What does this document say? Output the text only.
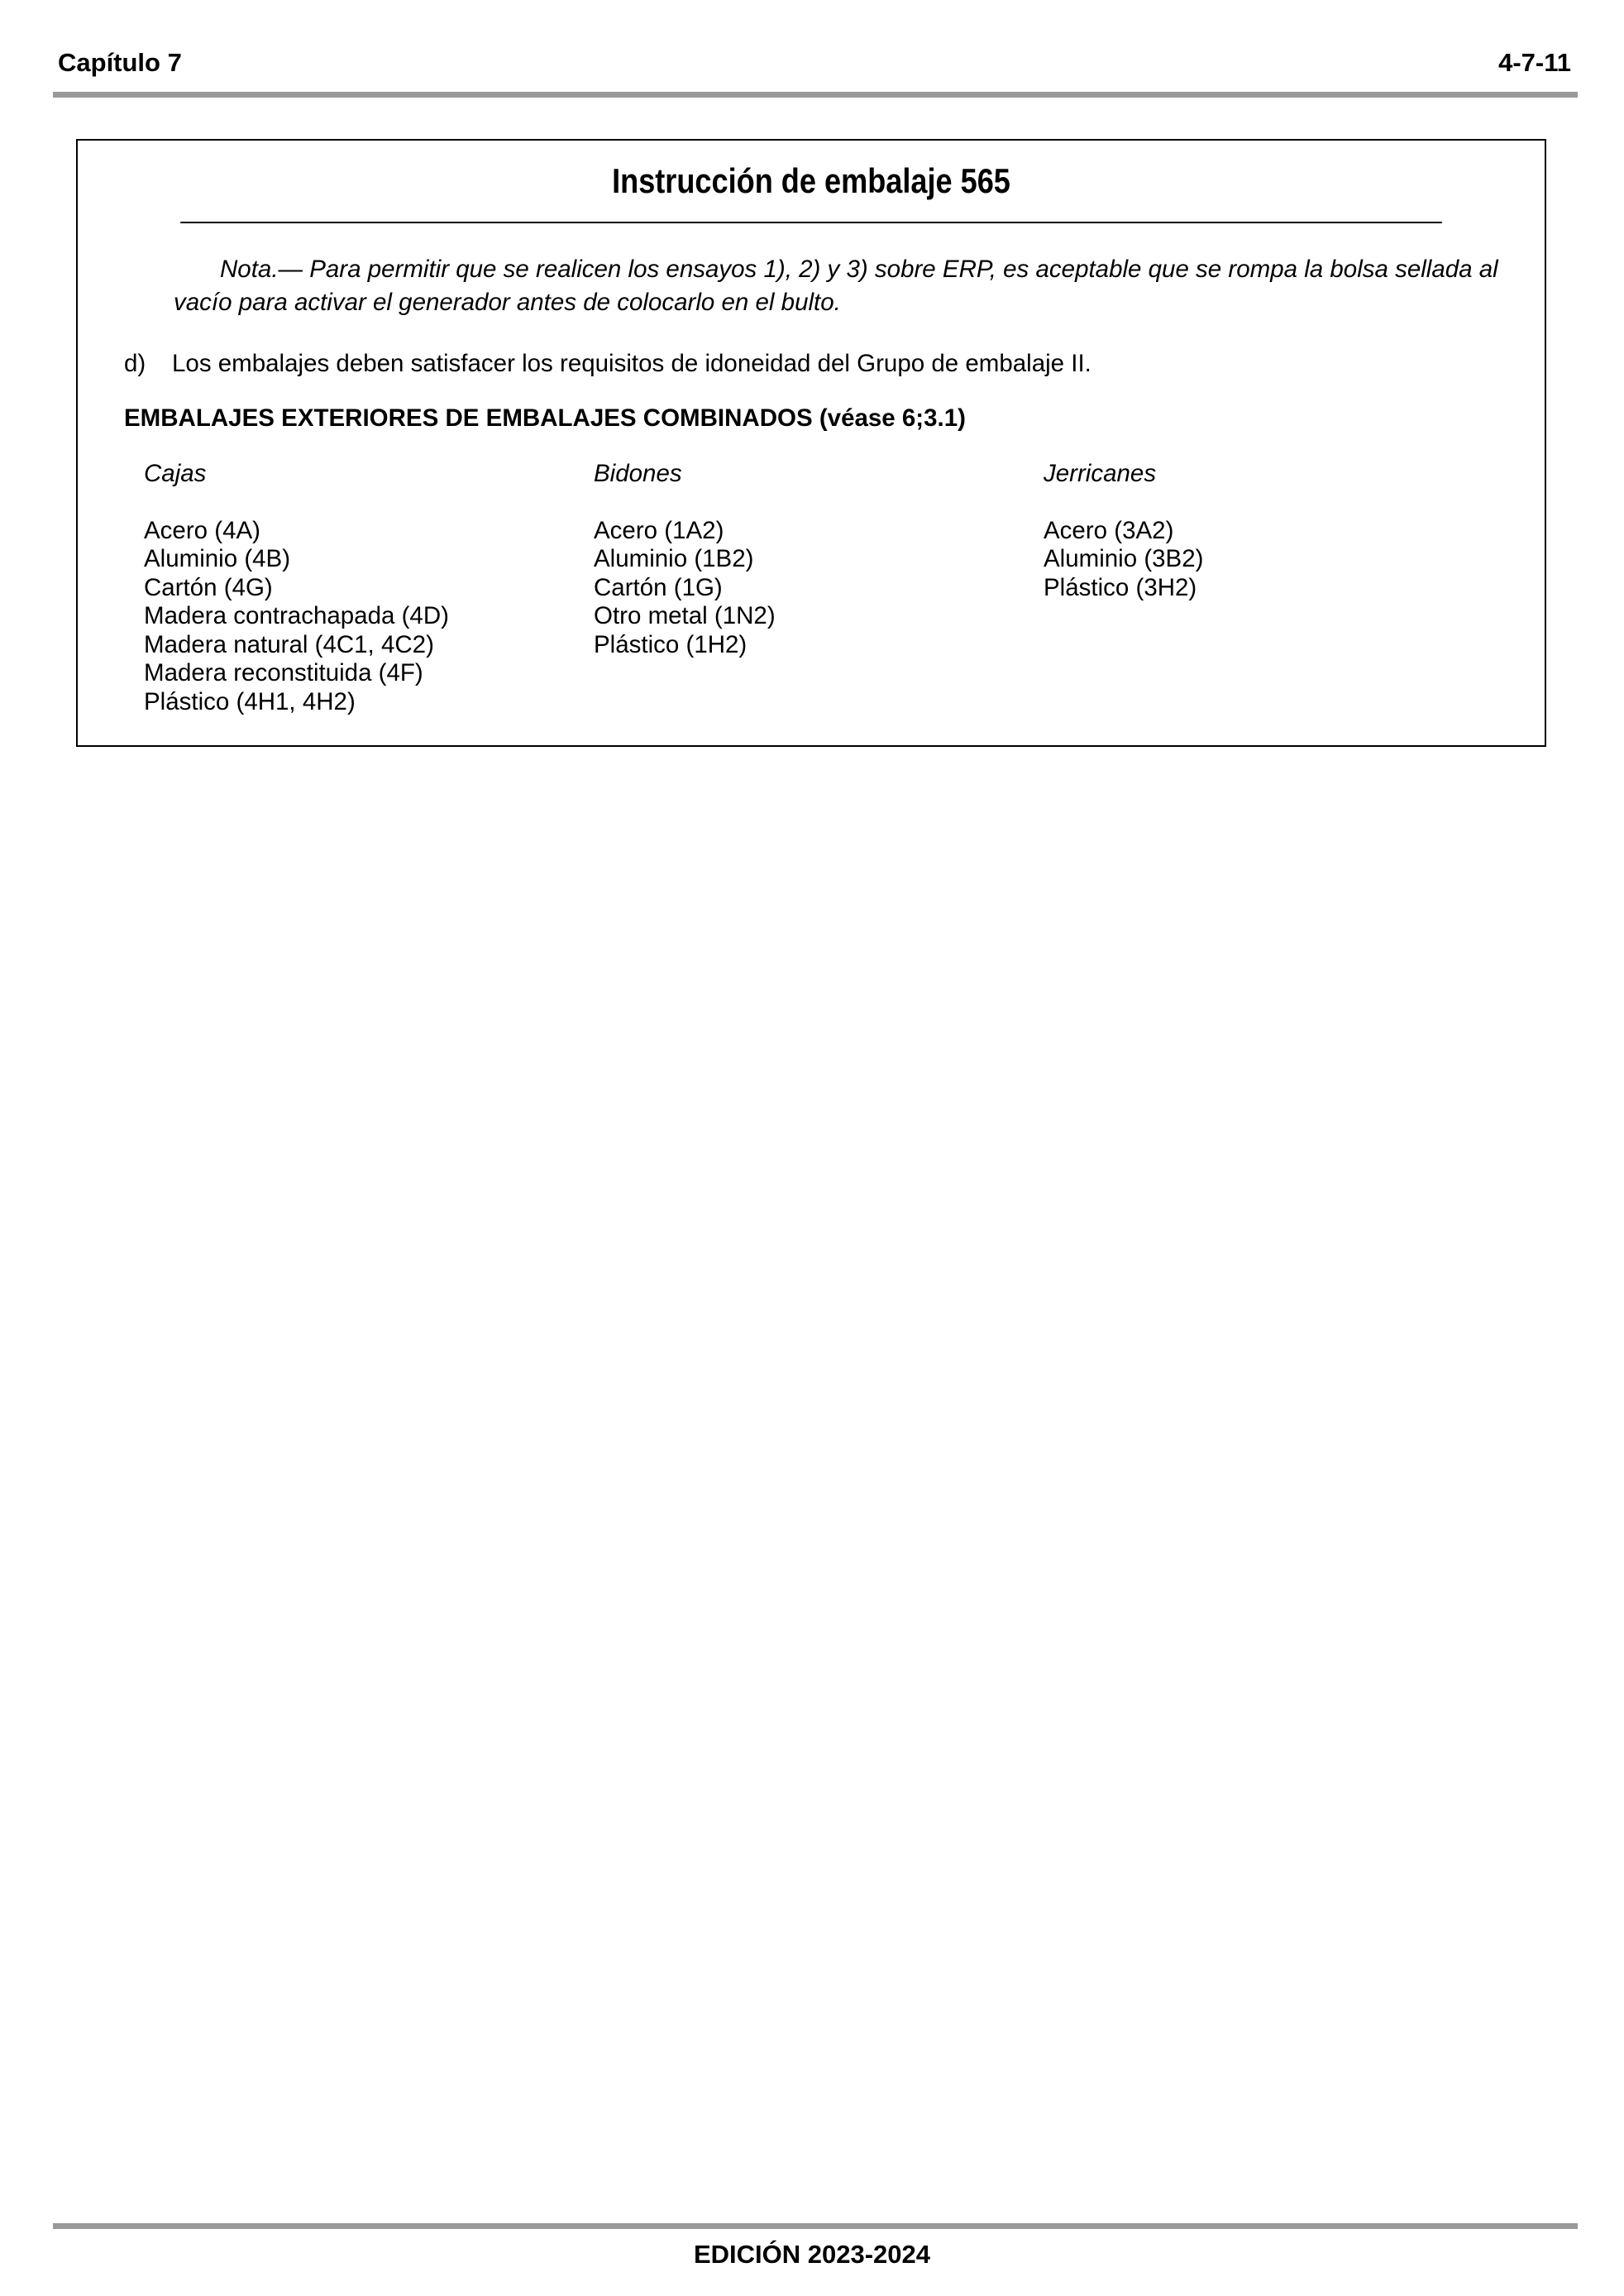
Capítulo 7	4-7-11
Instrucción de embalaje 565
Nota.— Para permitir que se realicen los ensayos 1), 2) y 3) sobre ERP, es aceptable que se rompa la bolsa sellada al vacío para activar el generador antes de colocarlo en el bulto.
d) Los embalajes deben satisfacer los requisitos de idoneidad del Grupo de embalaje II.
EMBALAJES EXTERIORES DE EMBALAJES COMBINADOS (véase 6;3.1)
Cajas
Acero (4A)
Aluminio (4B)
Cartón (4G)
Madera contrachapada (4D)
Madera natural (4C1, 4C2)
Madera reconstituida (4F)
Plástico (4H1, 4H2)
Bidones
Acero (1A2)
Aluminio (1B2)
Cartón (1G)
Otro metal (1N2)
Plástico (1H2)
Jerricanes
Acero (3A2)
Aluminio (3B2)
Plástico (3H2)
EDICIÓN 2023-2024
